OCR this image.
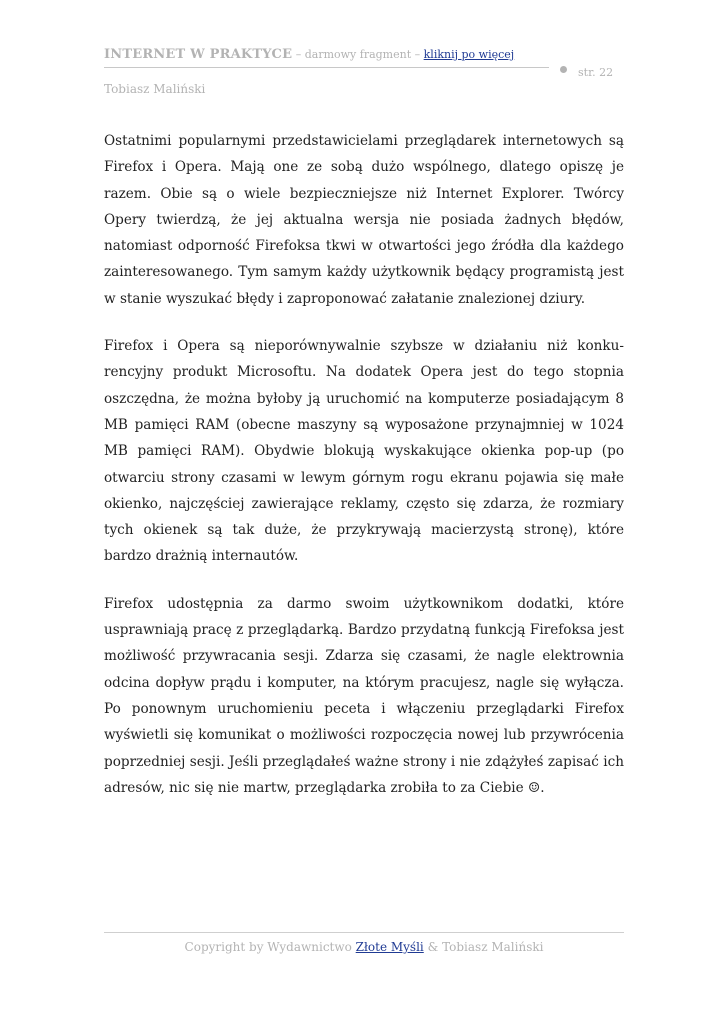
INTERNET W PRAKTYCE – darmowy fragment – kliknij po więcej
str. 22
Tobiasz Maliński

Ostatnimi popularnymi przedstawicielami przeglądarek internetowych są Firefox i Opera. Mają one ze sobą dużo wspólnego, dlatego opiszę je razem. Obie są o wiele bezpieczniejsze niż Internet Explorer. Twórcy Opery twierdzą, że jej aktualna wersja nie posiada żadnych błędów, natomiast odporność Firefoksa tkwi w otwartości jego źródła dla każdego zainteresowanego. Tym samym każdy użytkownik będący programistą jest w stanie wyszukać błędy i zaproponować załatanie znalezionej dziury.

Firefox i Opera są nieporównywalnie szybsze w działaniu niż konkurencyjny produkt Microsoftu. Na dodatek Opera jest do tego stopnia oszczędna, że można byłoby ją uruchomić na komputerze posiadającym 8 MB pamięci RAM (obecne maszyny są wyposażone przynajmniej w 1024 MB pamięci RAM). Obydwie blokują wyskakujące okienka pop-up (po otwarciu strony czasami w lewym górnym rogu ekranu pojawia się małe okienko, najczęściej zawierające reklamy, często się zdarza, że rozmiary tych okienek są tak duże, że przykrywają macierzystą stronę), które bardzo drażnią internautów.

Firefox udostępnia za darmo swoim użytkownikom dodatki, które usprawniają pracę z przeglądarką. Bardzo przydatną funkcją Firefoksa jest możliwość przywracania sesji. Zdarza się czasami, że nagle elektrownia odcina dopływ prądu i komputer, na którym pracujesz, nagle się wyłącza. Po ponownym uruchomieniu peceta i włączeniu przeglądarki Firefox wyświetli się komunikat o możliwości rozpoczęcia nowej lub przywrócenia poprzedniej sesji. Jeśli przeglądałeś ważne strony i nie zdążyłeś zapisać ich adresów, nic się nie martw, przeglądarka zrobiła to za Ciebie ☺.

Copyright by Wydawnictwo Złote Myśli & Tobiasz Maliński
